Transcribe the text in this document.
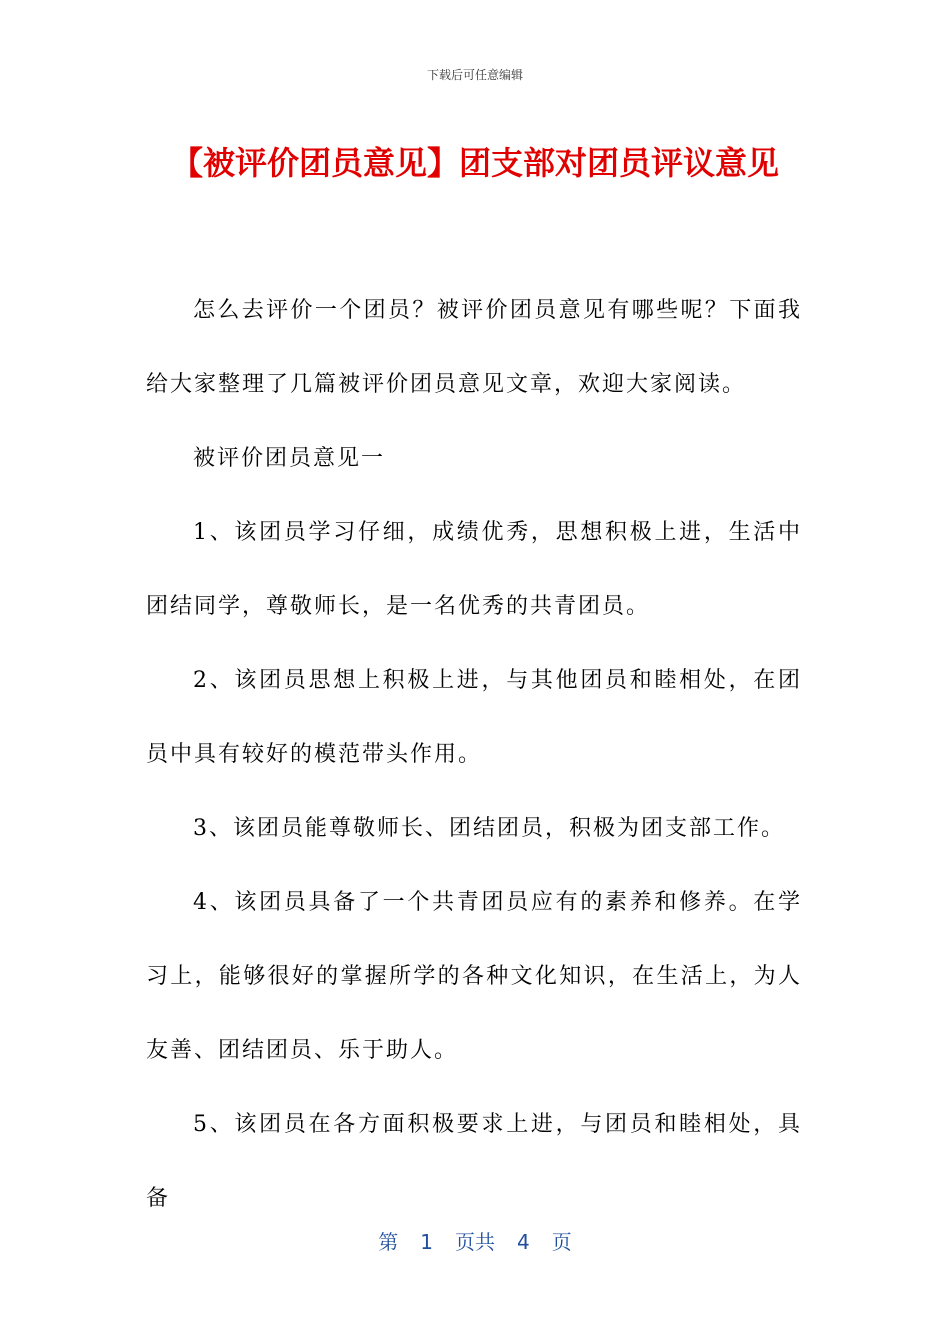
下载后可任意编辑
【被评价团员意见】团支部对团员评议意见

怎么去评价一个团员？被评价团员意见有哪些呢？下面我给大家整理了几篇被评价团员意见文章，欢迎大家阅读。

被评价团员意见一

1、该团员学习仔细，成绩优秀，思想积极上进，生活中团结同学，尊敬师长，是一名优秀的共青团员。

2、该团员思想上积极上进，与其他团员和睦相处，在团员中具有较好的模范带头作用。

3、该团员能尊敬师长、团结团员，积极为团支部工作。

4、该团员具备了一个共青团员应有的素养和修养。在学习上，能够很好的掌握所学的各种文化知识，在生活上，为人友善、团结团员、乐于助人。

5、该团员在各方面积极要求上进，与团员和睦相处，具备

第 1 页共 4 页
